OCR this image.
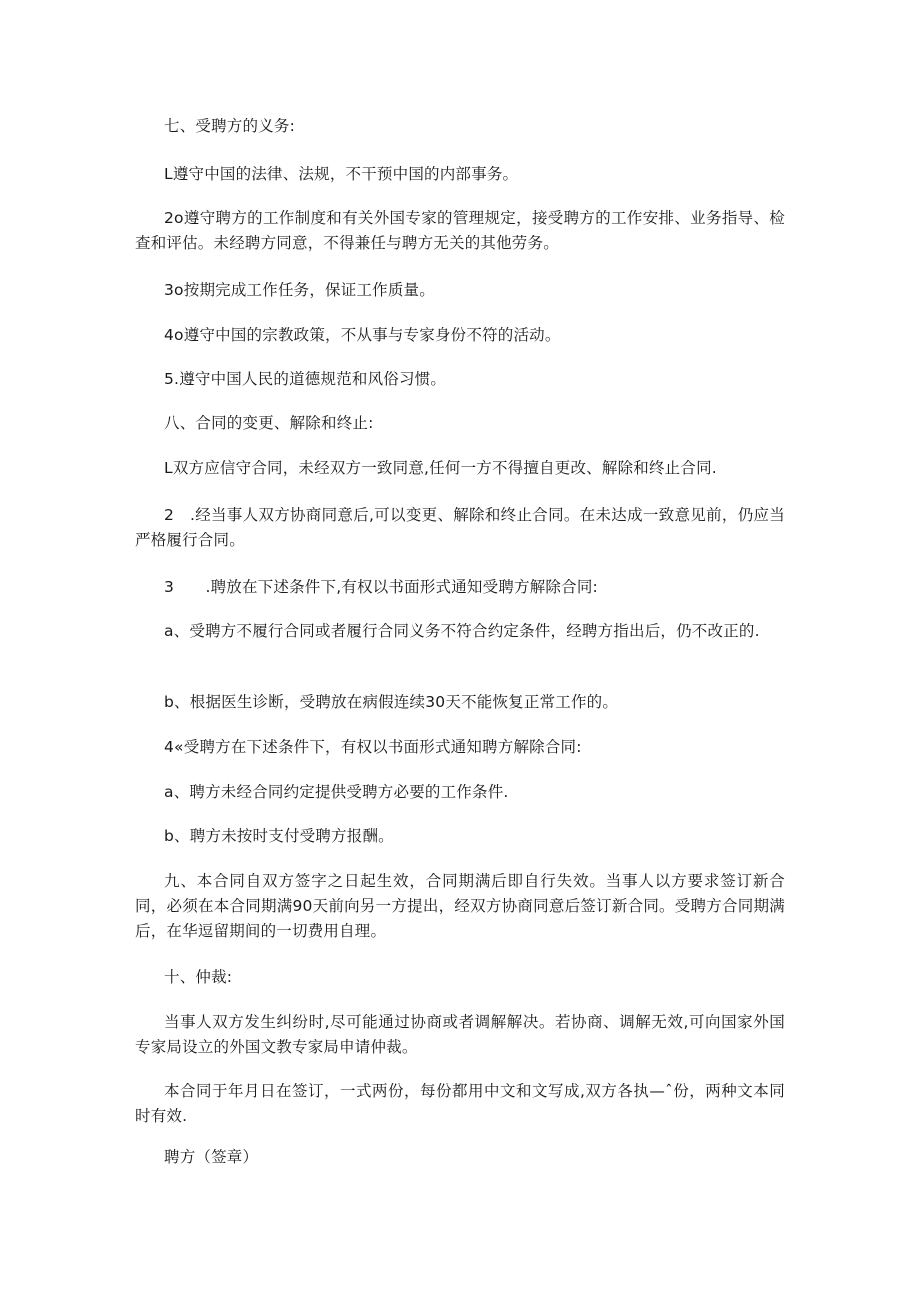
七、受聘方的义务:

L遵守中国的法律、法规，不干预中国的内部事务。

2o遵守聘方的工作制度和有关外国专家的管理规定，接受聘方的工作安排、业务指导、检查和评估。未经聘方同意，不得兼任与聘方无关的其他劳务。

3o按期完成工作任务，保证工作质量。

4o遵守中国的宗教政策，不从事与专家身份不符的活动。

5.遵守中国人民的道德规范和风俗习惯。

八、合同的变更、解除和终止:

L双方应信守合同，未经双方一致同意,任何一方不得擅自更改、解除和终止合同.

2　.经当事人双方协商同意后,可以变更、解除和终止合同。在未达成一致意见前，仍应当严格履行合同。

3　　.聘放在下述条件下,有权以书面形式通知受聘方解除合同:

a、受聘方不履行合同或者履行合同义务不符合约定条件，经聘方指出后，仍不改正的.

b、根据医生诊断，受聘放在病假连续30天不能恢复正常工作的。

4«受聘方在下述条件下，有权以书面形式通知聘方解除合同:

a、聘方未经合同约定提供受聘方必要的工作条件.

b、聘方未按时支付受聘方报酬。

九、本合同自双方签字之日起生效，合同期满后即自行失效。当事人以方要求签订新合同，必须在本合同期满90天前向另一方提出，经双方协商同意后签订新合同。受聘方合同期满后，在华逗留期间的一切费用自理。

十、仲裁:

当事人双方发生纠纷时,尽可能通过协商或者调解解决。若协商、调解无效,可向国家外国专家局设立的外国文教专家局申请仲裁。

本合同于年月日在签订，一式两份，每份都用中文和文写成,双方各执—ˆ份，两种文本同时有效.

聘方（签章）
